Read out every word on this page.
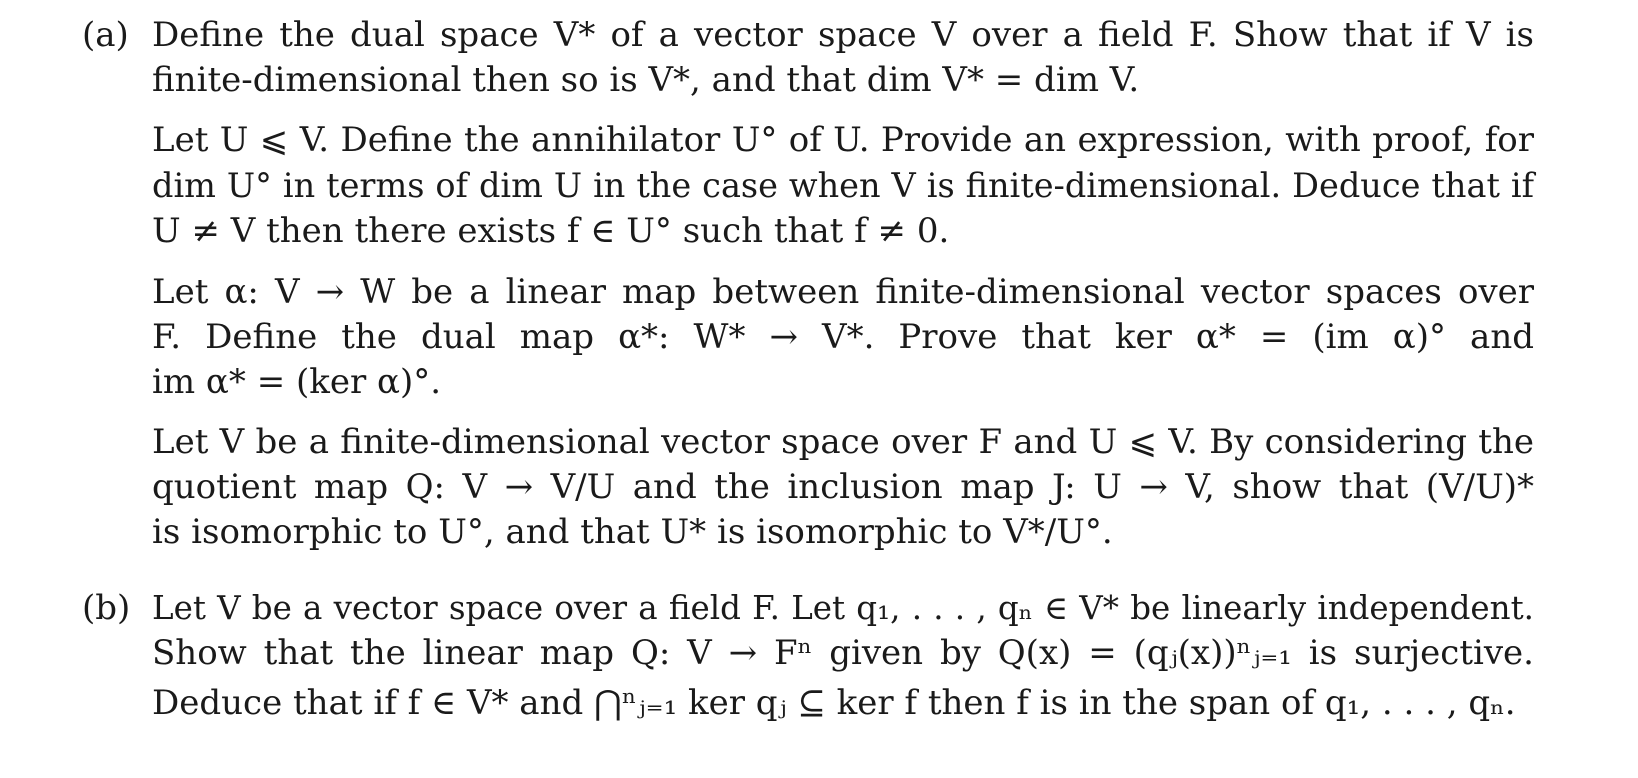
(a) Define the dual space V* of a vector space V over a field F. Show that if V is
finite-dimensional then so is V*, and that dim V* = dim V.
Let U ⩽ V. Define the annihilator U° of U. Provide an expression, with proof, for
dim U° in terms of dim U in the case when V is finite-dimensional. Deduce that if
U ≠ V then there exists f ∈ U° such that f ≠ 0.
Let α: V → W be a linear map between finite-dimensional vector spaces over
F. Define the dual map α*: W* → V*. Prove that ker α* = (im α)° and
im α* = (ker α)°.
Let V be a finite-dimensional vector space over F and U ⩽ V. By considering the
quotient map Q: V → V/U and the inclusion map J: U → V, show that (V/U)*
is isomorphic to U°, and that U* is isomorphic to V*/U°.
(b) Let V be a vector space over a field F. Let q₁, . . . , qₙ ∈ V* be linearly independent.
Show that the linear map Q: V → Fⁿ given by Q(x) = (qⱼ(x))ⁿⱼ₌₁ is surjective.
Deduce that if f ∈ V* and ⋂ⁿⱼ₌₁ ker qⱼ ⊆ ker f then f is in the span of q₁, . . . , qₙ.
